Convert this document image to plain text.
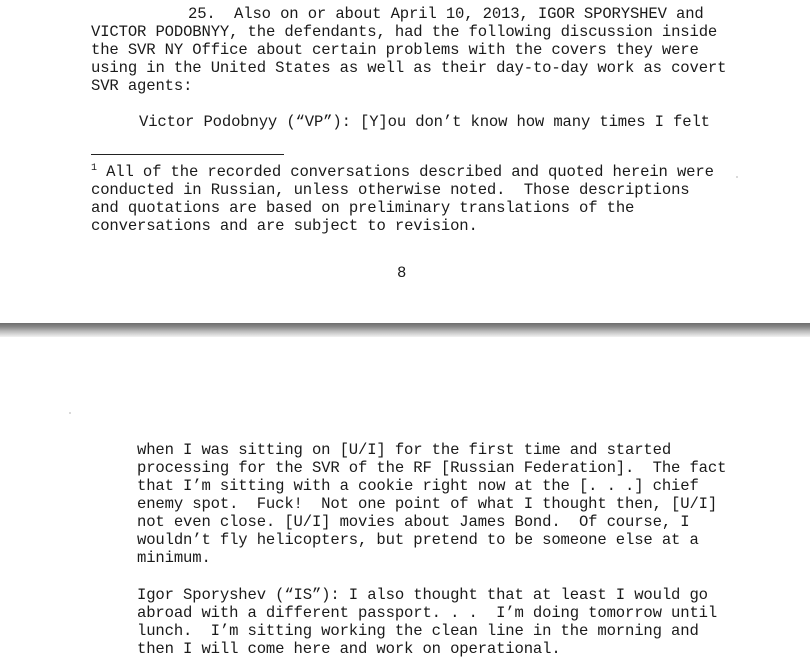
25.  Also on or about April 10, 2013, IGOR SPORYSHEV and
VICTOR PODOBNYY, the defendants, had the following discussion inside
the SVR NY Office about certain problems with the covers they were
using in the United States as well as their day-to-day work as covert
SVR agents:
Victor Podobnyy (“VP”): [Y]ou don’t know how many times I felt
$^1$ All of the recorded conversations described and quoted herein were
conducted in Russian, unless otherwise noted.  Those descriptions
and quotations are based on preliminary translations of the
conversations and are subject to revision.
8
when I was sitting on [U/I] for the first time and started
processing for the SVR of the RF [Russian Federation].  The fact
that I’m sitting with a cookie right now at the [. . .] chief
enemy spot.  Fuck!  Not one point of what I thought then, [U/I]
not even close. [U/I] movies about James Bond.  Of course, I
wouldn’t fly helicopters, but pretend to be someone else at a
minimum.
Igor Sporyshev (“IS”): I also thought that at least I would go
abroad with a different passport. . .  I’m doing tomorrow until
lunch.  I’m sitting working the clean line in the morning and
then I will come here and work on operational.
